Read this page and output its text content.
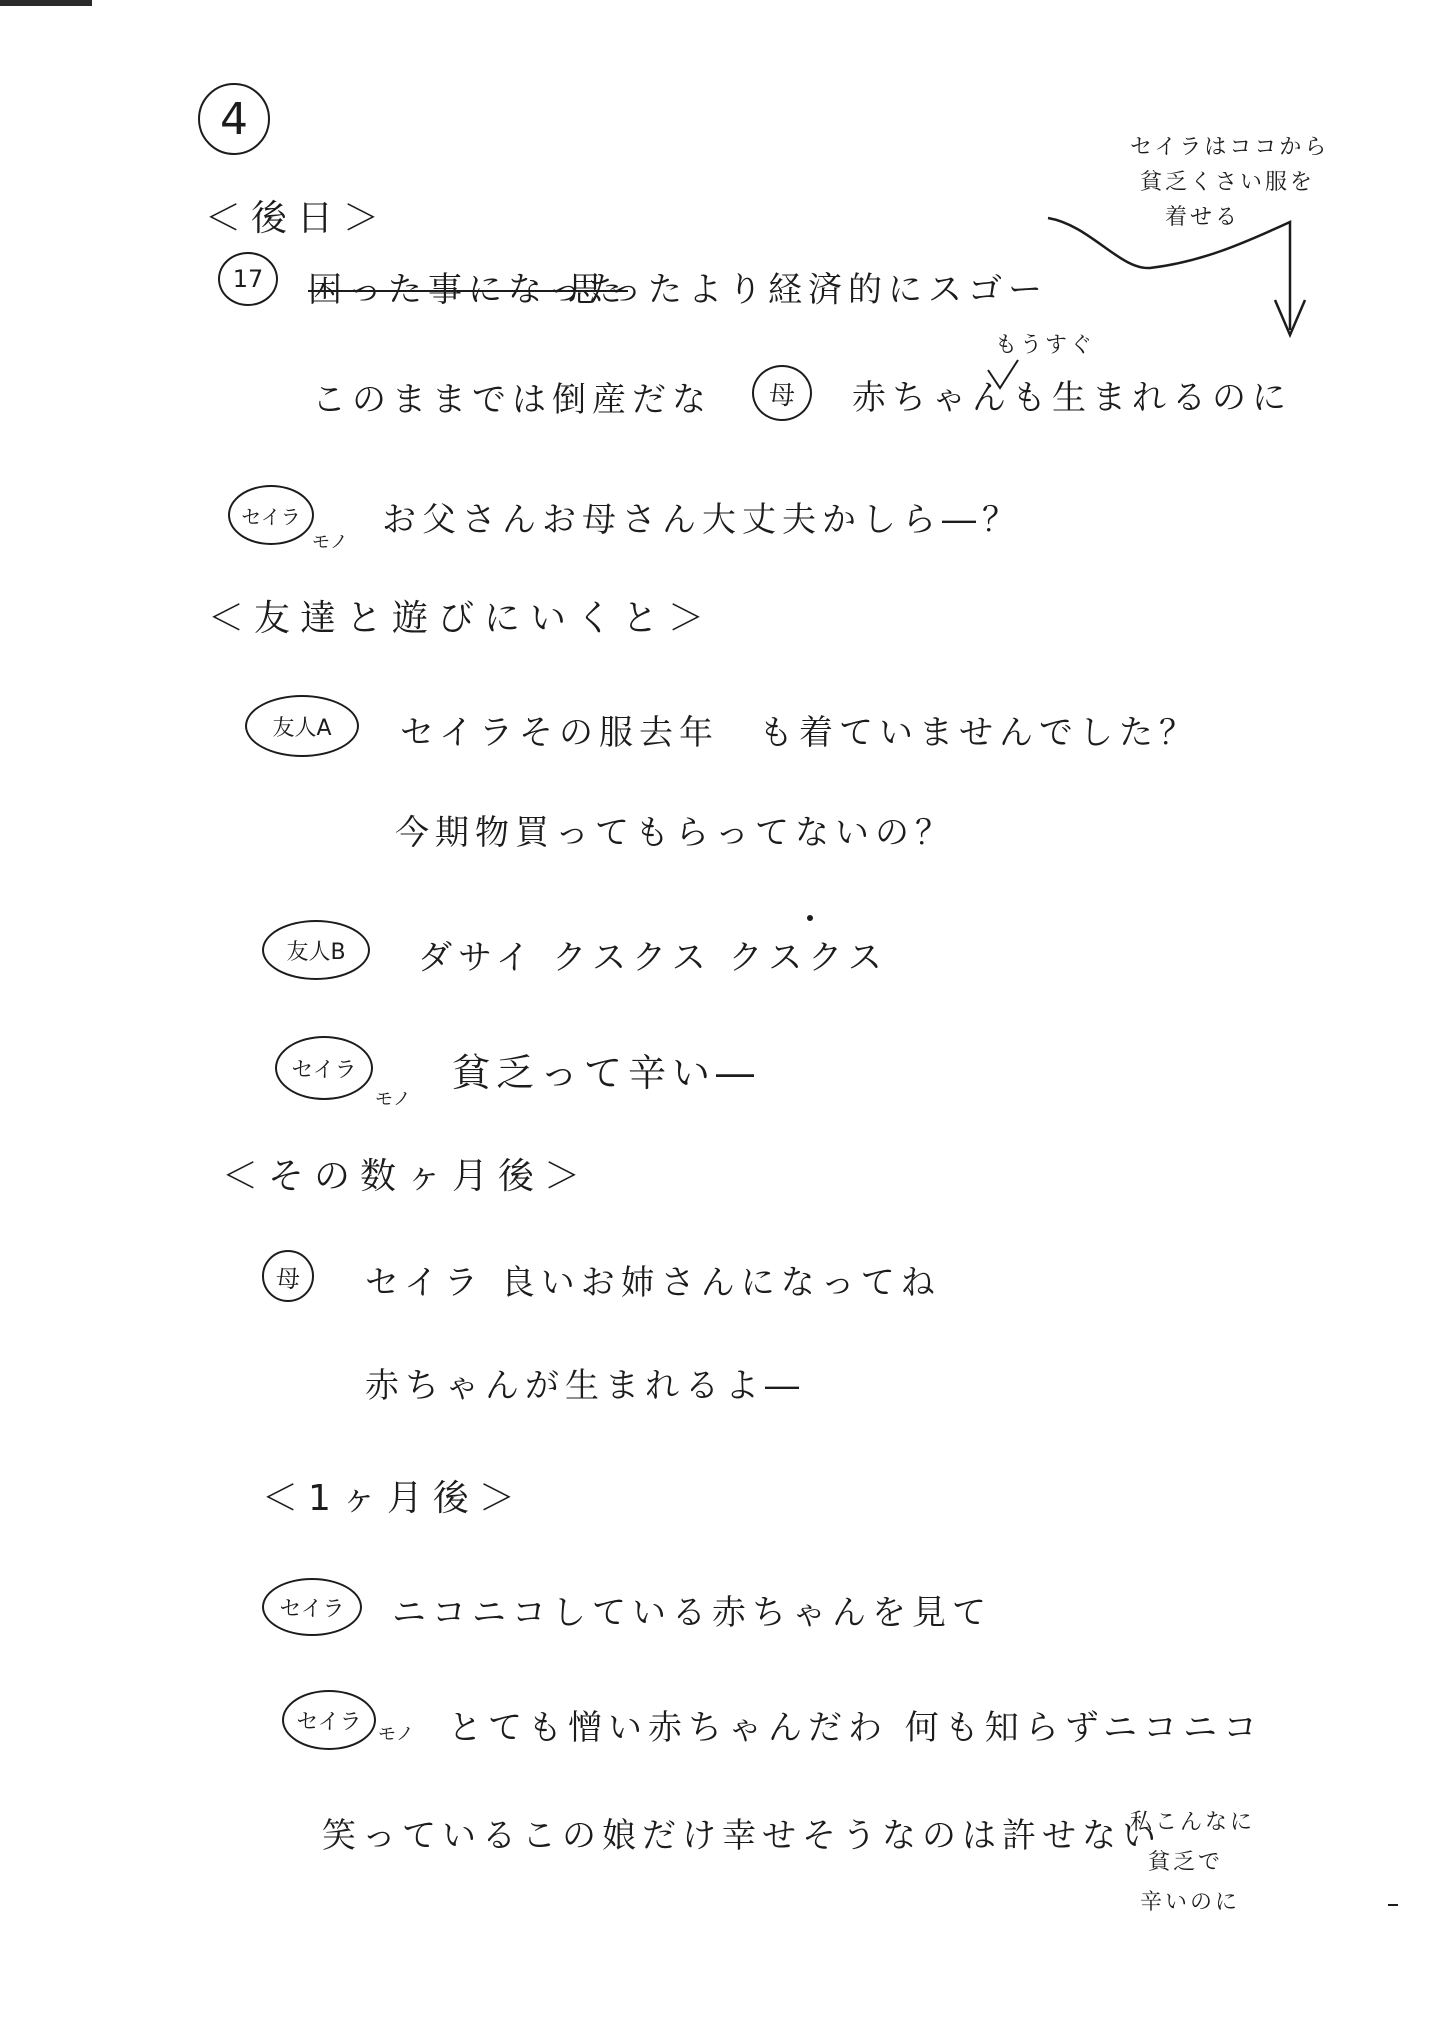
4
セイラはココから
貧乏くさい服を
着せる
＜後日＞
17 困った事になった
思ったより経済的にスゴー
もうすぐ
このままでは倒産だな 母 赤ちゃんも生まれるのに
セイラ
モノ
お父さんお母さん大丈夫かしら―？
＜友達と遊びにいくと＞
友人A セイラその服去年　も着ていませんでした？
今期物買ってもらってないの？
友人B ダサイ クスクス クスクス
セイラ
モノ
貧乏って辛い―
＜その数ヶ月後＞
母 セイラ 良いお姉さんになってね
赤ちゃんが生まれるよ―
＜1ヶ月後＞
セイラ ニコニコしている赤ちゃんを見て
セイラ モノ とても憎い赤ちゃんだわ 何も知らずニコニコ
笑っているこの娘だけ幸せそうなのは許せない
私こんなに
貧乏で
辛いのに
